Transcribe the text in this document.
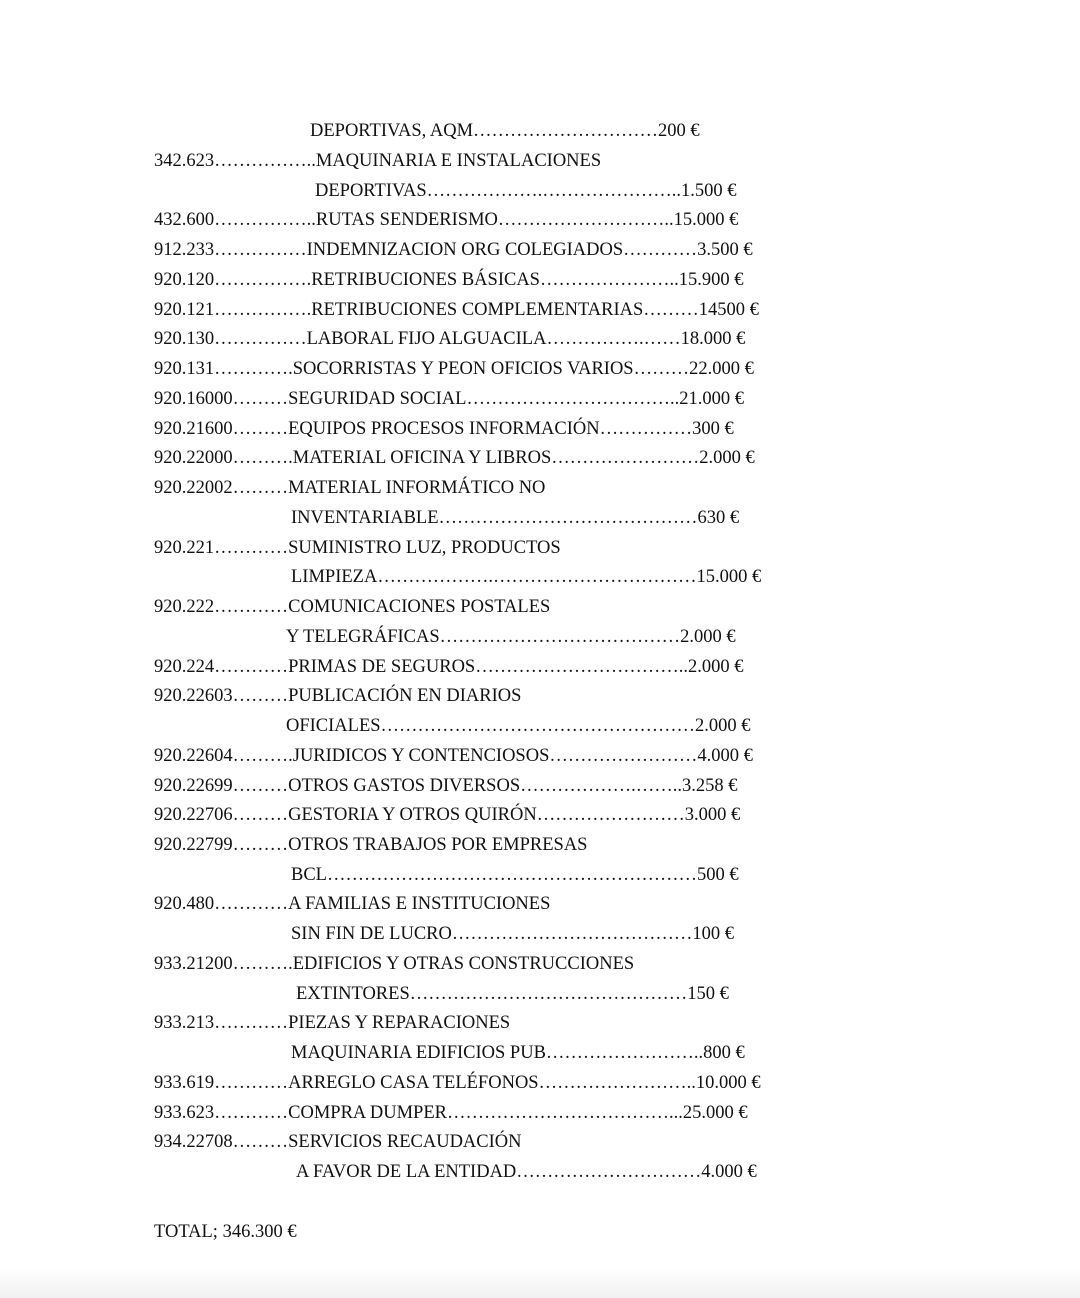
DEPORTIVAS, AQM…………………………200 €

342.623……………..MAQUINARIA E INSTALACIONES

DEPORTIVAS……………….…………………..1.500 €

432.600……………..RUTAS SENDERISMO………………………..15.000 €

912.233……………INDEMNIZACION ORG COLEGIADOS…………3.500 €

920.120…………….RETRIBUCIONES BÁSICAS…………………..15.900 €

920.121…………….RETRIBUCIONES COMPLEMENTARIAS………14500 €

920.130……………LABORAL FIJO ALGUACILA…………….……18.000 €

920.131………….SOCORRISTAS Y PEON OFICIOS VARIOS………22.000 €

920.16000………SEGURIDAD SOCIAL……………………………..21.000 €

920.21600………EQUIPOS PROCESOS INFORMACIÓN……………300 €

920.22000……….MATERIAL OFICINA Y LIBROS……………………2.000 €

920.22002………MATERIAL INFORMÁTICO NO

INVENTARIABLE……………………………………630 €

920.221…………SUMINISTRO LUZ, PRODUCTOS

LIMPIEZA……………….……………………………15.000 €

920.222…………COMUNICACIONES POSTALES

Y TELEGRÁFICAS…………………………………2.000 €

920.224…………PRIMAS DE SEGUROS……………………………..2.000 €

920.22603………PUBLICACIÓN EN DIARIOS

OFICIALES……………………………………………2.000 €

920.22604……….JURIDICOS Y CONTENCIOSOS……………………4.000 €

920.22699………OTROS GASTOS DIVERSOS……………….……..3.258 €

920.22706………GESTORIA Y OTROS QUIRÓN……………………3.000 €

920.22799………OTROS TRABAJOS POR EMPRESAS

BCL……………………………………………………500 €

920.480…………A FAMILIAS E INSTITUCIONES

SIN FIN DE LUCRO…………………………………100 €

933.21200……….EDIFICIOS Y OTRAS CONSTRUCCIONES

EXTINTORES………………………………………150 €

933.213…………PIEZAS Y REPARACIONES

MAQUINARIA EDIFICIOS PUB……………………..800 €

933.619…………ARREGLO CASA TELÉFONOS……………………..10.000 €

933.623…………COMPRA DUMPER………………………………...25.000 €

934.22708………SERVICIOS RECAUDACIÓN

A FAVOR DE LA ENTIDAD…………………………4.000 €

TOTAL; 346.300 €
